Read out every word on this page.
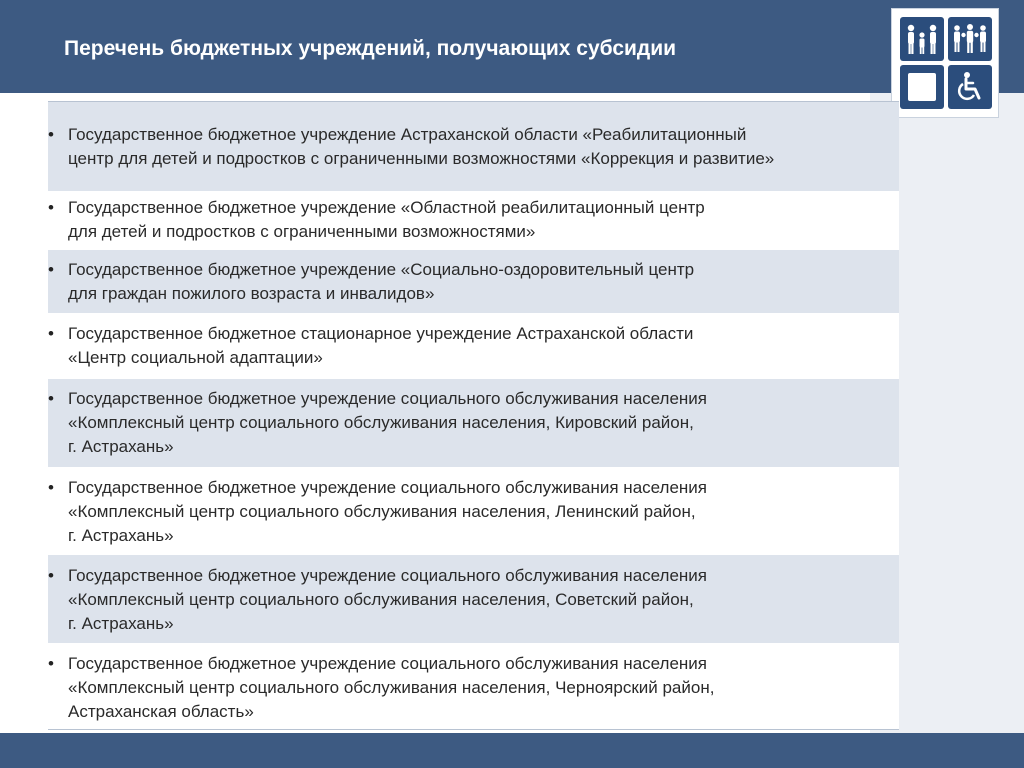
Перечень бюджетных учреждений, получающих субсидии
• Государственное бюджетное учреждение Астраханской области «Реабилитационный
центр для детей и подростков с ограниченными возможностями «Коррекция и развитие»
• Государственное бюджетное учреждение «Областной реабилитационный центр
для детей и подростков с ограниченными возможностями»
• Государственное бюджетное учреждение «Социально-оздоровительный центр
для граждан пожилого возраста и инвалидов»
• Государственное бюджетное стационарное учреждение Астраханской области
«Центр социальной адаптации»
• Государственное бюджетное учреждение социального обслуживания населения
«Комплексный центр социального обслуживания населения, Кировский район,
г. Астрахань»
• Государственное бюджетное учреждение социального обслуживания населения
«Комплексный центр социального обслуживания населения, Ленинский район,
г. Астрахань»
• Государственное бюджетное учреждение социального обслуживания населения
«Комплексный центр социального обслуживания населения, Советский район,
г. Астрахань»
• Государственное бюджетное учреждение социального обслуживания населения
«Комплексный центр социального обслуживания населения, Черноярский район,
Астраханская область»
